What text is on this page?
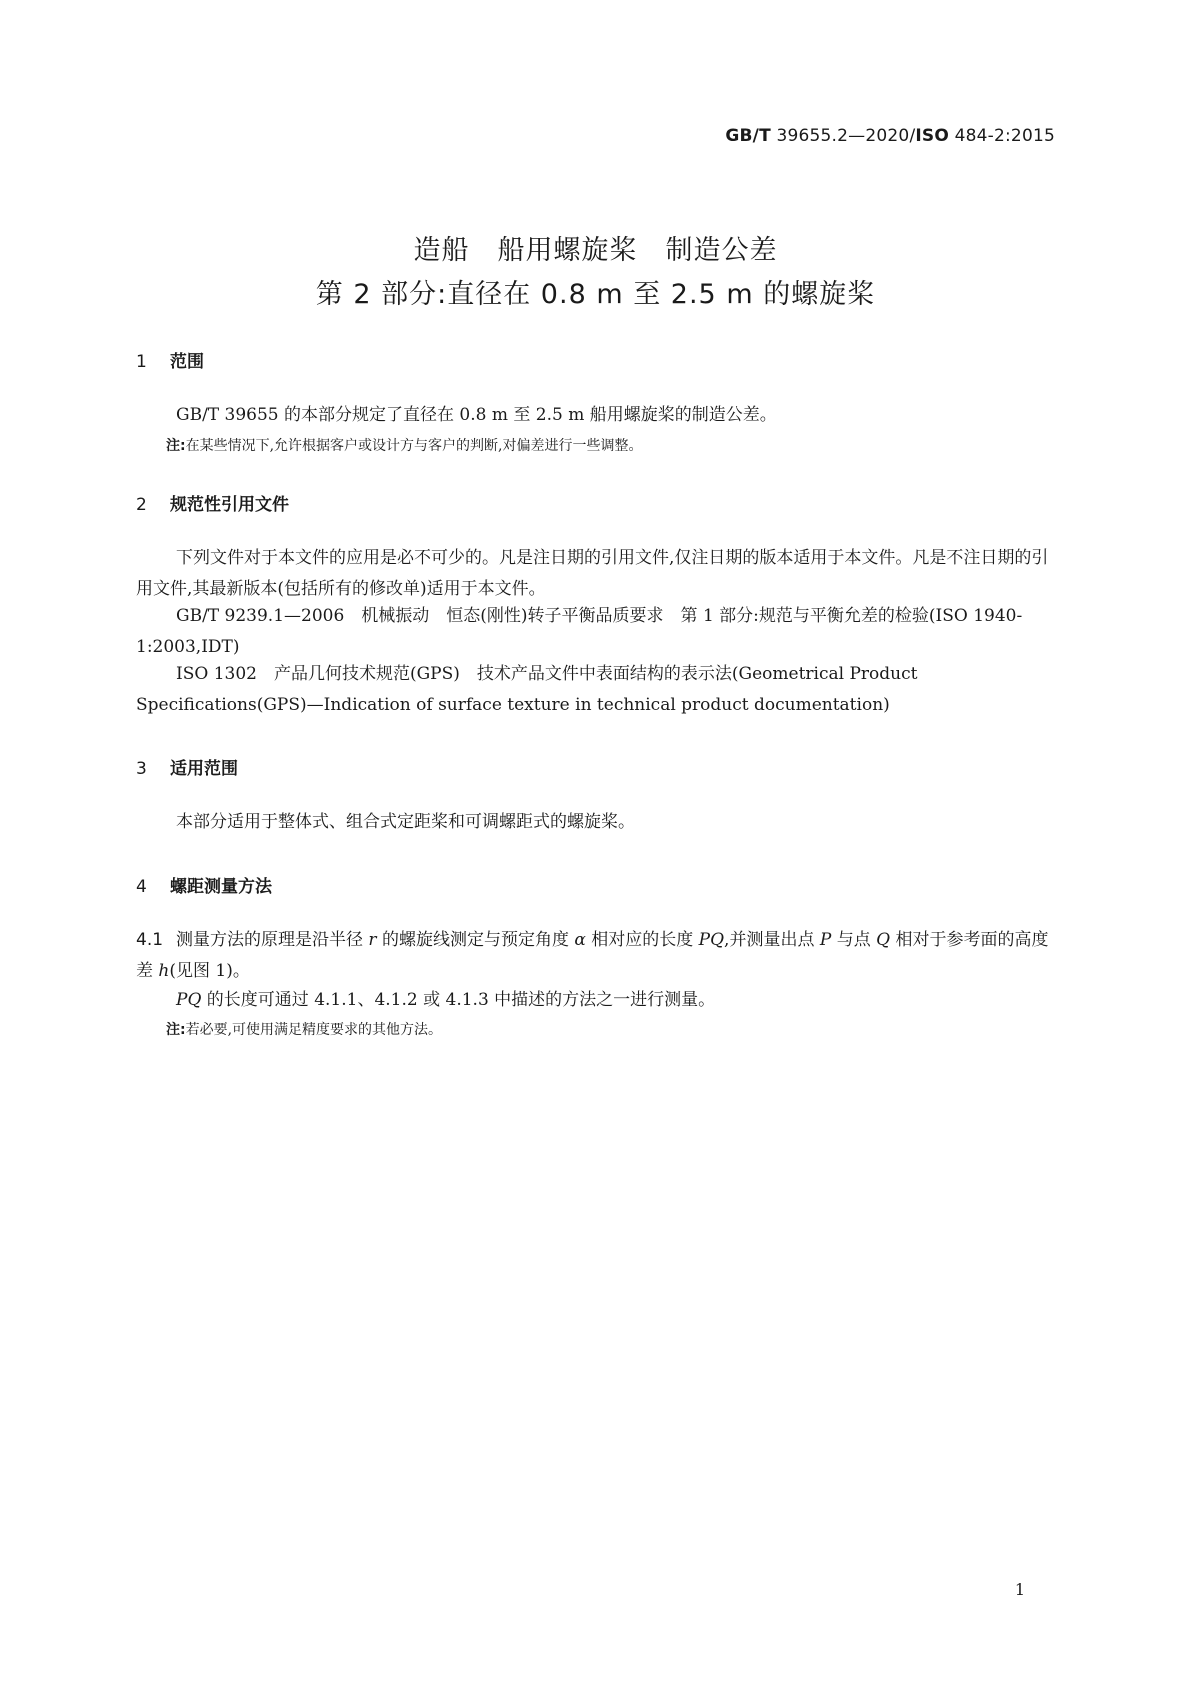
GB/T 39655.2—2020/ISO 484-2:2015
造船　船用螺旋桨　制造公差
第 2 部分:直径在 0.8 m 至 2.5 m 的螺旋桨
1 范围
GB/T 39655 的本部分规定了直径在 0.8 m 至 2.5 m 船用螺旋桨的制造公差。
注:在某些情况下,允许根据客户或设计方与客户的判断,对偏差进行一些调整。
2 规范性引用文件
下列文件对于本文件的应用是必不可少的。凡是注日期的引用文件,仅注日期的版本适用于本文件。凡是不注日期的引用文件,其最新版本(包括所有的修改单)适用于本文件。
GB/T 9239.1—2006　机械振动　恒态(刚性)转子平衡品质要求　第 1 部分:规范与平衡允差的检验(ISO 1940-1:2003,IDT)
ISO 1302　产品几何技术规范(GPS)　技术产品文件中表面结构的表示法(Geometrical Product Specifications(GPS)—Indication of surface texture in technical product documentation)
3 适用范围
本部分适用于整体式、组合式定距桨和可调螺距式的螺旋桨。
4 螺距测量方法
4.1 测量方法的原理是沿半径 r 的螺旋线测定与预定角度 α 相对应的长度 PQ,并测量出点 P 与点 Q 相对于参考面的高度差 h(见图 1)。
PQ 的长度可通过 4.1.1、4.1.2 或 4.1.3 中描述的方法之一进行测量。
注:若必要,可使用满足精度要求的其他方法。
1
